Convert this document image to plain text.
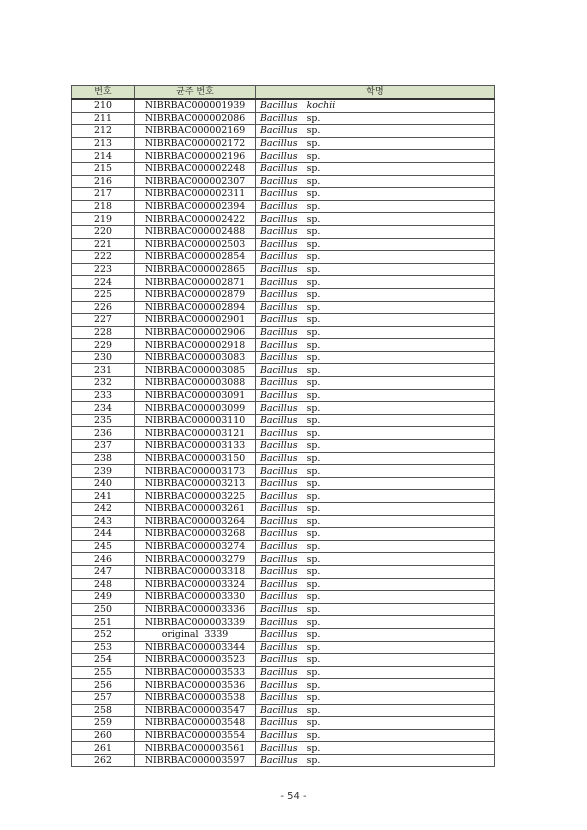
번호	균주 번호	학명
210	NIBRBAC000001939	Bacillus kochii
211	NIBRBAC000002086	Bacillus sp.
212	NIBRBAC000002169	Bacillus sp.
213	NIBRBAC000002172	Bacillus sp.
214	NIBRBAC000002196	Bacillus sp.
215	NIBRBAC000002248	Bacillus sp.
216	NIBRBAC000002307	Bacillus sp.
217	NIBRBAC000002311	Bacillus sp.
218	NIBRBAC000002394	Bacillus sp.
219	NIBRBAC000002422	Bacillus sp.
220	NIBRBAC000002488	Bacillus sp.
221	NIBRBAC000002503	Bacillus sp.
222	NIBRBAC000002854	Bacillus sp.
223	NIBRBAC000002865	Bacillus sp.
224	NIBRBAC000002871	Bacillus sp.
225	NIBRBAC000002879	Bacillus sp.
226	NIBRBAC000002894	Bacillus sp.
227	NIBRBAC000002901	Bacillus sp.
228	NIBRBAC000002906	Bacillus sp.
229	NIBRBAC000002918	Bacillus sp.
230	NIBRBAC000003083	Bacillus sp.
231	NIBRBAC000003085	Bacillus sp.
232	NIBRBAC000003088	Bacillus sp.
233	NIBRBAC000003091	Bacillus sp.
234	NIBRBAC000003099	Bacillus sp.
235	NIBRBAC000003110	Bacillus sp.
236	NIBRBAC000003121	Bacillus sp.
237	NIBRBAC000003133	Bacillus sp.
238	NIBRBAC000003150	Bacillus sp.
239	NIBRBAC000003173	Bacillus sp.
240	NIBRBAC000003213	Bacillus sp.
241	NIBRBAC000003225	Bacillus sp.
242	NIBRBAC000003261	Bacillus sp.
243	NIBRBAC000003264	Bacillus sp.
244	NIBRBAC000003268	Bacillus sp.
245	NIBRBAC000003274	Bacillus sp.
246	NIBRBAC000003279	Bacillus sp.
247	NIBRBAC000003318	Bacillus sp.
248	NIBRBAC000003324	Bacillus sp.
249	NIBRBAC000003330	Bacillus sp.
250	NIBRBAC000003336	Bacillus sp.
251	NIBRBAC000003339	Bacillus sp.
252	original  3339	Bacillus sp.
253	NIBRBAC000003344	Bacillus sp.
254	NIBRBAC000003523	Bacillus sp.
255	NIBRBAC000003533	Bacillus sp.
256	NIBRBAC000003536	Bacillus sp.
257	NIBRBAC000003538	Bacillus sp.
258	NIBRBAC000003547	Bacillus sp.
259	NIBRBAC000003548	Bacillus sp.
260	NIBRBAC000003554	Bacillus sp.
261	NIBRBAC000003561	Bacillus sp.
262	NIBRBAC000003597	Bacillus sp.
- 54 -
